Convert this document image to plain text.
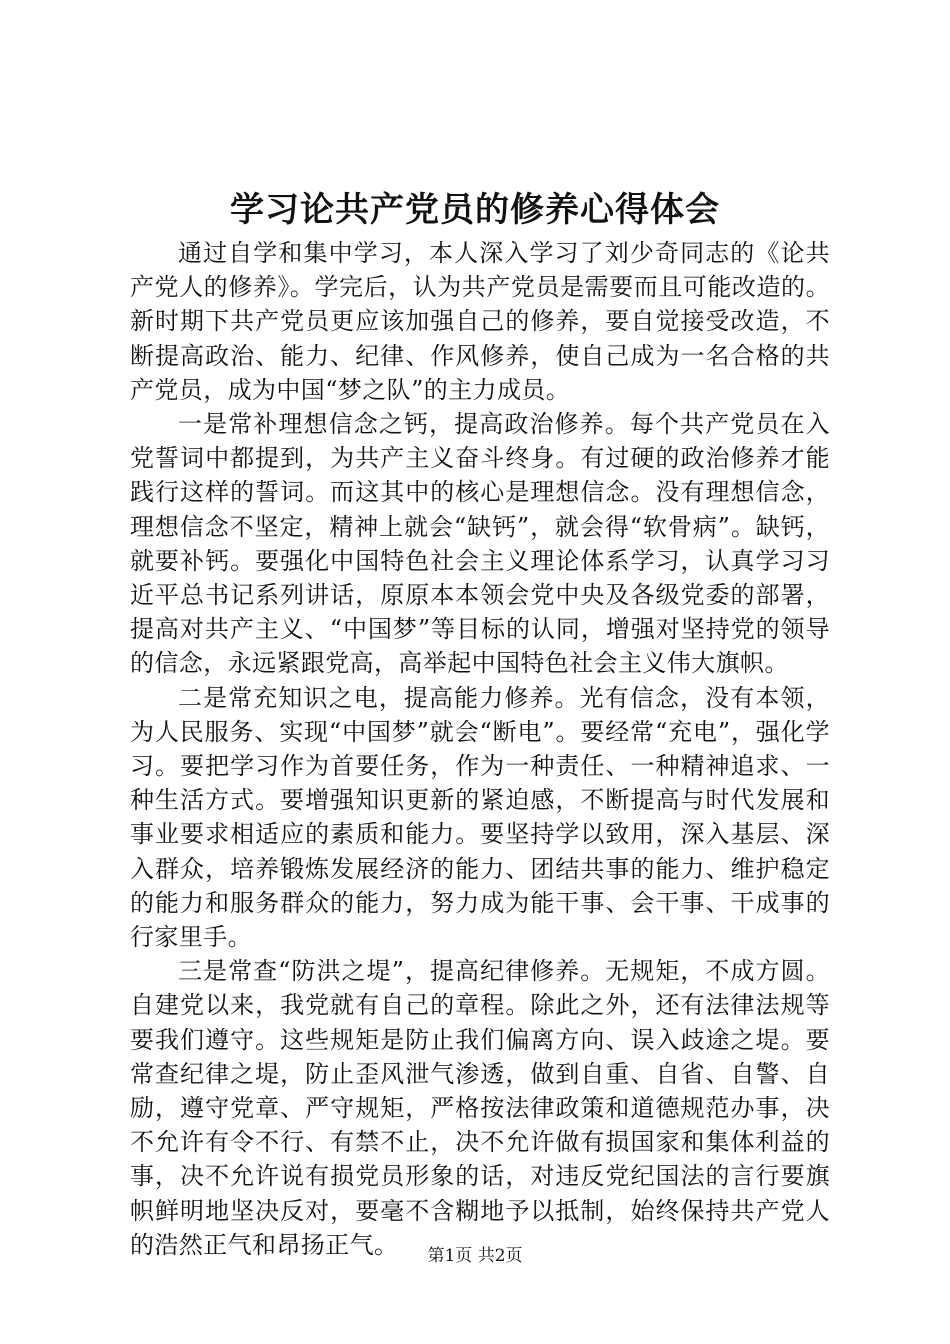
学习论共产党员的修养心得体会

通过自学和集中学习，本人深入学习了刘少奇同志的《论共产党人的修养》。学完后，认为共产党员是需要而且可能改造的。新时期下共产党员更应该加强自己的修养，要自觉接受改造，不断提高政治、能力、纪律、作风修养，使自己成为一名合格的共产党员，成为中国“梦之队”的主力成员。

一是常补理想信念之钙，提高政治修养。每个共产党员在入党誓词中都提到，为共产主义奋斗终身。有过硬的政治修养才能践行这样的誓词。而这其中的核心是理想信念。没有理想信念，理想信念不坚定，精神上就会“缺钙”，就会得“软骨病”。缺钙，就要补钙。要强化中国特色社会主义理论体系学习，认真学习习近平总书记系列讲话，原原本本领会党中央及各级党委的部署，提高对共产主义、“中国梦”等目标的认同，增强对坚持党的领导的信念，永远紧跟党高，高举起中国特色社会主义伟大旗帜。

二是常充知识之电，提高能力修养。光有信念，没有本领，为人民服务、实现“中国梦”就会“断电”。要经常“充电”，强化学习。要把学习作为首要任务，作为一种责任、一种精神追求、一种生活方式。要增强知识更新的紧迫感，不断提高与时代发展和事业要求相适应的素质和能力。要坚持学以致用，深入基层、深入群众，培养锻炼发展经济的能力、团结共事的能力、维护稳定的能力和服务群众的能力，努力成为能干事、会干事、干成事的行家里手。

三是常查“防洪之堤”，提高纪律修养。无规矩，不成方圆。自建党以来，我党就有自己的章程。除此之外，还有法律法规等要我们遵守。这些规矩是防止我们偏离方向、误入歧途之堤。要常查纪律之堤，防止歪风泄气渗透，做到自重、自省、自警、自励，遵守党章、严守规矩，严格按法律政策和道德规范办事，决不允许有令不行、有禁不止，决不允许做有损国家和集体利益的事，决不允许说有损党员形象的话，对违反党纪国法的言行要旗帜鲜明地坚决反对，要毫不含糊地予以抵制，始终保持共产党人的浩然正气和昂扬正气。	第1页 共2页
